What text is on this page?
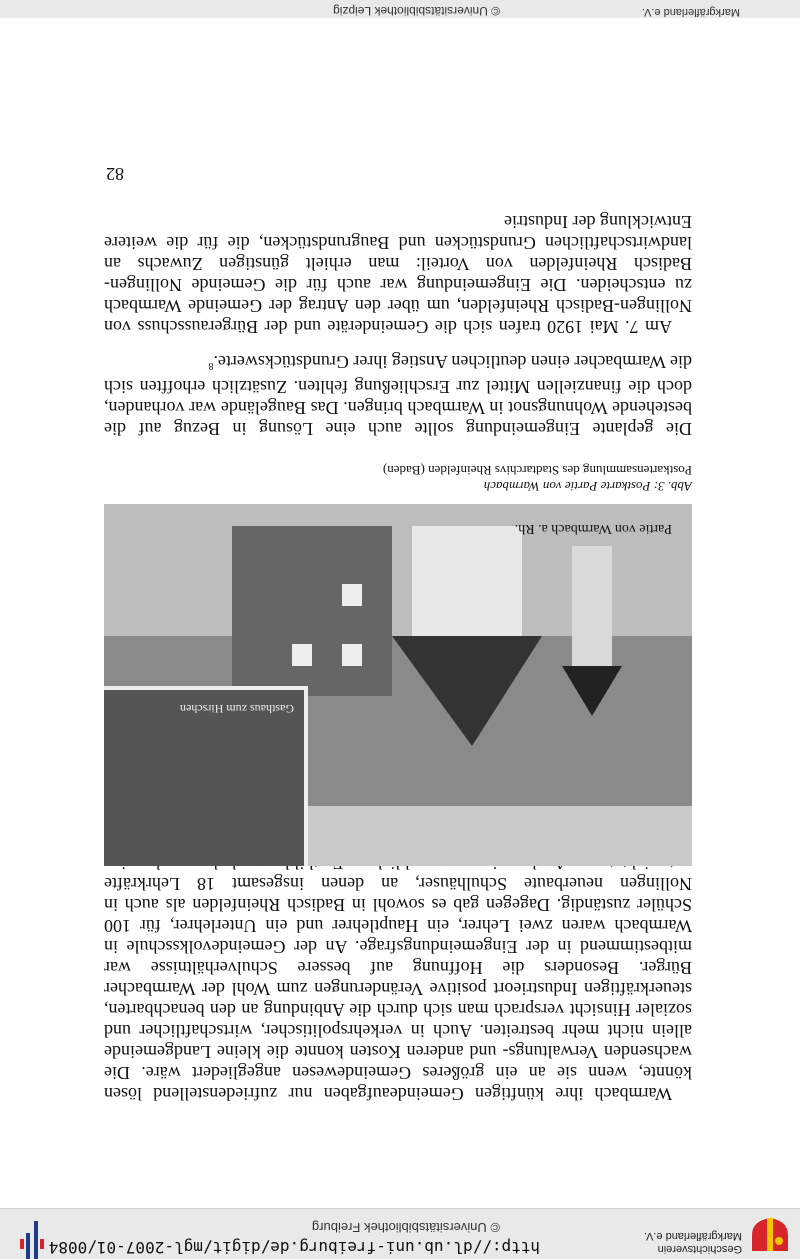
Geschichtsverein
Markgräflerland e.V.
http://dl.ub.uni-freiburg.de/digit/mgl-2007-01/0084
© Universitätsbibliothek Freiburg
Warmbach ihre künftigen Gemeindeaufgaben nur zufriedenstellend lösen könnte, wenn sie an ein größeres Gemeindewesen angegliedert wäre. Die wachsenden Verwaltungs- und anderen Kosten konnte die kleine Landgemeinde allein nicht mehr bestreiten. Auch in verkehrspolitischer, wirtschaftlicher und sozialer Hinsicht versprach man sich durch die Anbindung an den benachbarten, steuerkräftigen Industrieort positive Veränderungen zum Wohl der Warmbacher Bürger. Besonders die Hoffnung auf bessere Schulverhältnisse war mitbestimmend in der Eingemeindungsfrage. An der Gemeindevolksschule in Warmbach waren zwei Lehrer, ein Hauptlehrer und ein Unterlehrer, für 100 Schüler zuständig. Dagegen gab es sowohl in Badisch Rheinfelden als auch in Nollingen neuerbaute Schulhäuser, an denen insgesamt 18 Lehrkräfte
Gasthaus zum Hirschen
Partie von Warmbach a. Rh.
Abb. 3: Postkarte Partie von Warmbach
Postkartensammlung des Stadtarchivs Rheinfelden (Baden)
Die geplante Eingemeindung sollte auch eine Lösung in Bezug auf die bestehende Wohnungsnot in Warmbach bringen. Das Baugelände war vorhanden, doch die finanziellen Mittel zur Erschließung fehlten. Zusätzlich erhofften sich die Warmbacher einen deutlichen Anstieg ihrer Grundstückswerte.$^8$
Am 7. Mai 1920 trafen sich die Gemeinderäte und der Bürgerausschuss von Nollingen-Badisch Rheinfelden, um über den Antrag der Gemeinde Warmbach zu entscheiden. Die Eingemeindung war auch für die Gemeinde Nollingen-Badisch Rheinfelden von Vorteil: man erhielt günstigen Zuwachs an landwirtschaftlichen Grundstücken und Baugrundstücken, die für die weitere Entwicklung der Industrie
82
© Universitätsbibliothek Leipzig	Markgräflerland e.V.
